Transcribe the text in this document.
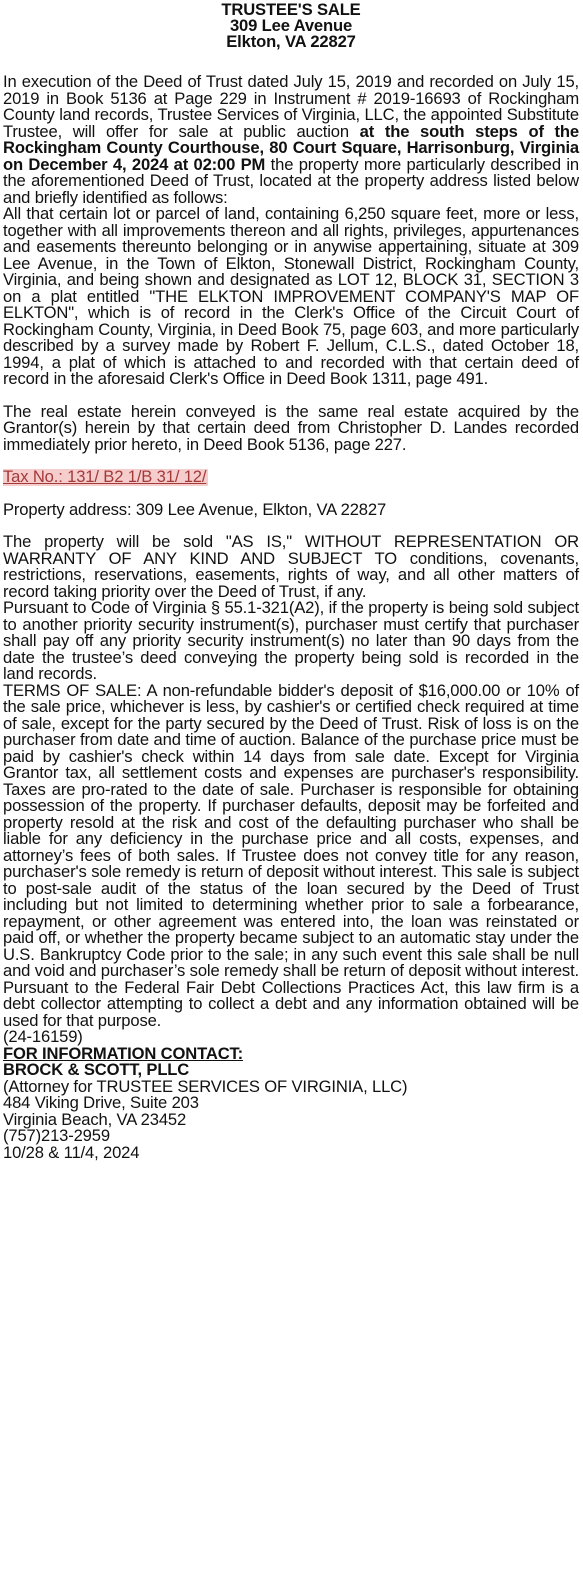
TRUSTEE'S SALE
309 Lee Avenue
Elkton, VA 22827

In execution of the Deed of Trust dated July 15, 2019 and recorded on July 15, 2019 in Book 5136 at Page 229 in Instrument # 2019-16693 of Rockingham County land records, Trustee Services of Virginia, LLC, the appointed Substitute Trustee, will offer for sale at public auction at the south steps of the Rockingham County Courthouse, 80 Court Square, Harrisonburg, Virginia on December 4, 2024 at 02:00 PM the property more particularly described in the aforementioned Deed of Trust, located at the property address listed below and briefly identified as follows:

All that certain lot or parcel of land, containing 6,250 square feet, more or less, together with all improvements thereon and all rights, privileges, appurtenances and easements thereunto belonging or in anywise appertaining, situate at 309 Lee Avenue, in the Town of Elkton, Stonewall District, Rockingham County, Virginia, and being shown and designated as LOT 12, BLOCK 31, SECTION 3 on a plat entitled "THE ELKTON IMPROVEMENT COMPANY'S MAP OF ELKTON", which is of record in the Clerk's Office of the Circuit Court of Rockingham County, Virginia, in Deed Book 75, page 603, and more particularly described by a survey made by Robert F. Jellum, C.L.S., dated October 18, 1994, a plat of which is attached to and recorded with that certain deed of record in the aforesaid Clerk's Office in Deed Book 1311, page 491.

The real estate herein conveyed is the same real estate acquired by the Grantor(s) herein by that certain deed from Christopher D. Landes recorded immediately prior hereto, in Deed Book 5136, page 227.

Tax No.: 131/ B2 1/B 31/ 12/

Property address: 309 Lee Avenue, Elkton, VA 22827

The property will be sold "AS IS," WITHOUT REPRESENTATION OR WARRANTY OF ANY KIND AND SUBJECT TO conditions, covenants, restrictions, reservations, easements, rights of way, and all other matters of record taking priority over the Deed of Trust, if any.

Pursuant to Code of Virginia § 55.1-321(A2), if the property is being sold subject to another priority security instrument(s), purchaser must certify that purchaser shall pay off any priority security instrument(s) no later than 90 days from the date the trustee’s deed conveying the property being sold is recorded in the land records.

TERMS OF SALE: A non-refundable bidder's deposit of $16,000.00 or 10% of the sale price, whichever is less, by cashier's or certified check required at time of sale, except for the party secured by the Deed of Trust. Risk of loss is on the purchaser from date and time of auction. Balance of the purchase price must be paid by cashier's check within 14 days from sale date. Except for Virginia Grantor tax, all settlement costs and expenses are purchaser's responsibility. Taxes are pro-rated to the date of sale. Purchaser is responsible for obtaining possession of the property. If purchaser defaults, deposit may be forfeited and property resold at the risk and cost of the defaulting purchaser who shall be liable for any deficiency in the purchase price and all costs, expenses, and attorney’s fees of both sales. If Trustee does not convey title for any reason, purchaser's sole remedy is return of deposit without interest. This sale is subject to post-sale audit of the status of the loan secured by the Deed of Trust including but not limited to determining whether prior to sale a forbearance, repayment, or other agreement was entered into, the loan was reinstated or paid off, or whether the property became subject to an automatic stay under the U.S. Bankruptcy Code prior to the sale; in any such event this sale shall be null and void and purchaser’s sole remedy shall be return of deposit without interest. Pursuant to the Federal Fair Debt Collections Practices Act, this law firm is a debt collector attempting to collect a debt and any information obtained will be used for that purpose.

(24-16159)
FOR INFORMATION CONTACT:
BROCK & SCOTT, PLLC
(Attorney for TRUSTEE SERVICES OF VIRGINIA, LLC)
484 Viking Drive, Suite 203
Virginia Beach, VA 23452
(757)213-2959
10/28 & 11/4, 2024
